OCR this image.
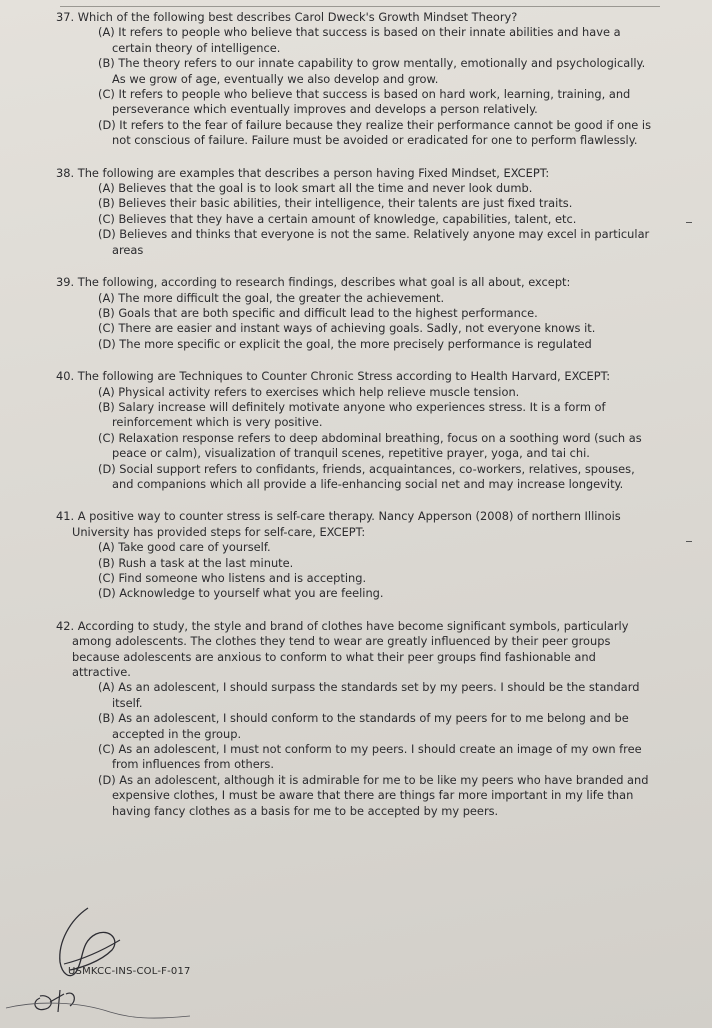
37. Which of the following best describes Carol Dweck's Growth Mindset Theory?

(A) It refers to people who believe that success is based on their innate abilities and have a certain theory of intelligence.

(B) The theory refers to our innate capability to grow mentally, emotionally and psychologically. As we grow of age, eventually we also develop and grow.

(C) It refers to people who believe that success is based on hard work, learning, training, and perseverance which eventually improves and develops a person relatively.

(D) It refers to the fear of failure because they realize their performance cannot be good if one is not conscious of failure. Failure must be avoided or eradicated for one to perform flawlessly.

38. The following are examples that describes a person having Fixed Mindset, EXCEPT:

(A) Believes that the goal is to look smart all the time and never look dumb.

(B) Believes their basic abilities, their intelligence, their talents are just fixed traits.

(C) Believes that they have a certain amount of knowledge, capabilities, talent, etc.

(D) Believes and thinks that everyone is not the same. Relatively anyone may excel in particular areas

39. The following, according to research findings, describes what goal is all about, except:

(A) The more difficult the goal, the greater the achievement.

(B) Goals that are both specific and difficult lead to the highest performance.

(C) There are easier and instant ways of achieving goals. Sadly, not everyone knows it.

(D) The more specific or explicit the goal, the more precisely performance is regulated

40. The following are Techniques to Counter Chronic Stress according to Health Harvard, EXCEPT:

(A) Physical activity refers to exercises which help relieve muscle tension.

(B) Salary increase will definitely motivate anyone who experiences stress. It is a form of reinforcement which is very positive.

(C) Relaxation response refers to deep abdominal breathing, focus on a soothing word (such as peace or calm), visualization of tranquil scenes, repetitive prayer, yoga, and tai chi.

(D) Social support refers to confidants, friends, acquaintances, co-workers, relatives, spouses, and companions which all provide a life-enhancing social net and may increase longevity.

41. A positive way to counter stress is self-care therapy. Nancy Apperson (2008) of northern Illinois University has provided steps for self-care, EXCEPT:

(A) Take good care of yourself.

(B) Rush a task at the last minute.

(C) Find someone who listens and is accepting.

(D) Acknowledge to yourself what you are feeling.

42. According to study, the style and brand of clothes have become significant symbols, particularly among adolescents. The clothes they tend to wear are greatly influenced by their peer groups because adolescents are anxious to conform to what their peer groups find fashionable and attractive.

(A) As an adolescent, I should surpass the standards set by my peers. I should be the standard itself.

(B) As an adolescent, I should conform to the standards of my peers for to me belong and be accepted in the group.

(C) As an adolescent, I must not conform to my peers. I should create an image of my own free from influences from others.

(D) As an adolescent, although it is admirable for me to be like my peers who have branded and expensive clothes, I must be aware that there are things far more important in my life than having fancy clothes as a basis for me to be accepted by my peers.

USMKCC-INS-COL-F-017
